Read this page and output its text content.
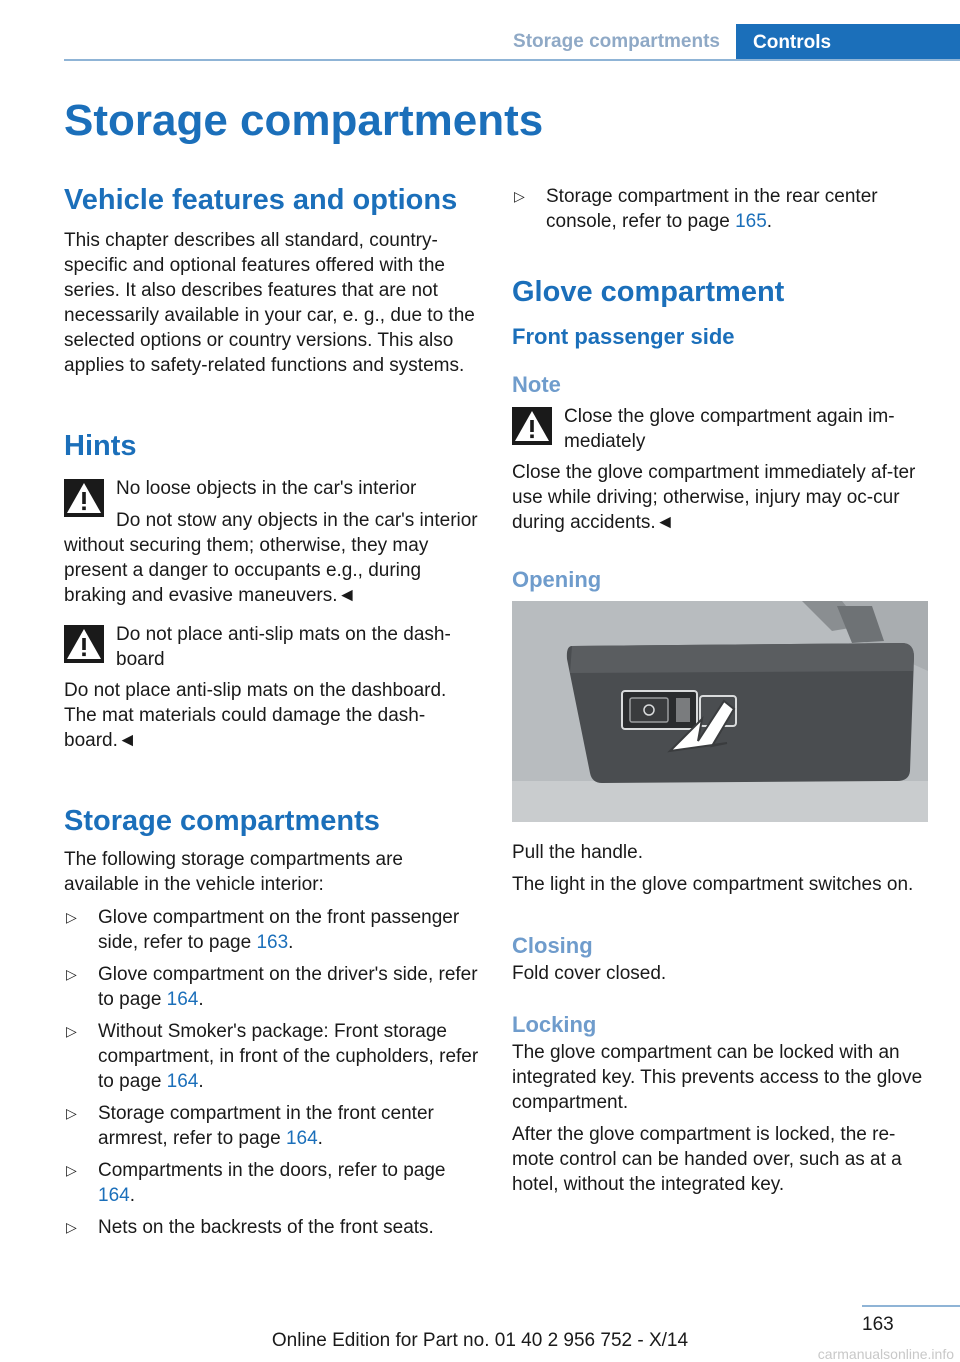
Storage compartments	Controls
Storage compartments
Vehicle features and options

This chapter describes all standard, country-specific and optional features offered with the series. It also describes features that are not necessarily available in your car, e. g., due to the selected options or country versions. This also applies to safety-related functions and systems.

Hints

No loose objects in the car's interior

Do not stow any objects in the car's interior without securing them; otherwise, they may present a danger to occupants e.g., during braking and evasive maneuvers.◄

Do not place anti-slip mats on the dash-board

Do not place anti-slip mats on the dashboard. The mat materials could damage the dash-board.◄

Storage compartments

The following storage compartments are available in the vehicle interior:

▷ Glove compartment on the front passenger side, refer to page 163.
▷ Glove compartment on the driver's side, refer to page 164.
▷ Without Smoker's package: Front storage compartment, in front of the cupholders, refer to page 164.
▷ Storage compartment in the front center armrest, refer to page 164.
▷ Compartments in the doors, refer to page 164.
▷ Nets on the backrests of the front seats.
▷ Storage compartment in the rear center console, refer to page 165.
Glove compartment
Front passenger side
Note

Close the glove compartment again im-mediately

Close the glove compartment immediately af-ter use while driving; otherwise, injury may oc-cur during accidents.◄

Opening

Pull the handle.

The light in the glove compartment switches on.

Closing

Fold cover closed.

Locking

The glove compartment can be locked with an integrated key. This prevents access to the glove compartment.

After the glove compartment is locked, the re-mote control can be handed over, such as at a hotel, without the integrated key.

163
Online Edition for Part no. 01 40 2 956 752 - X/14
carmanualsonline.info
